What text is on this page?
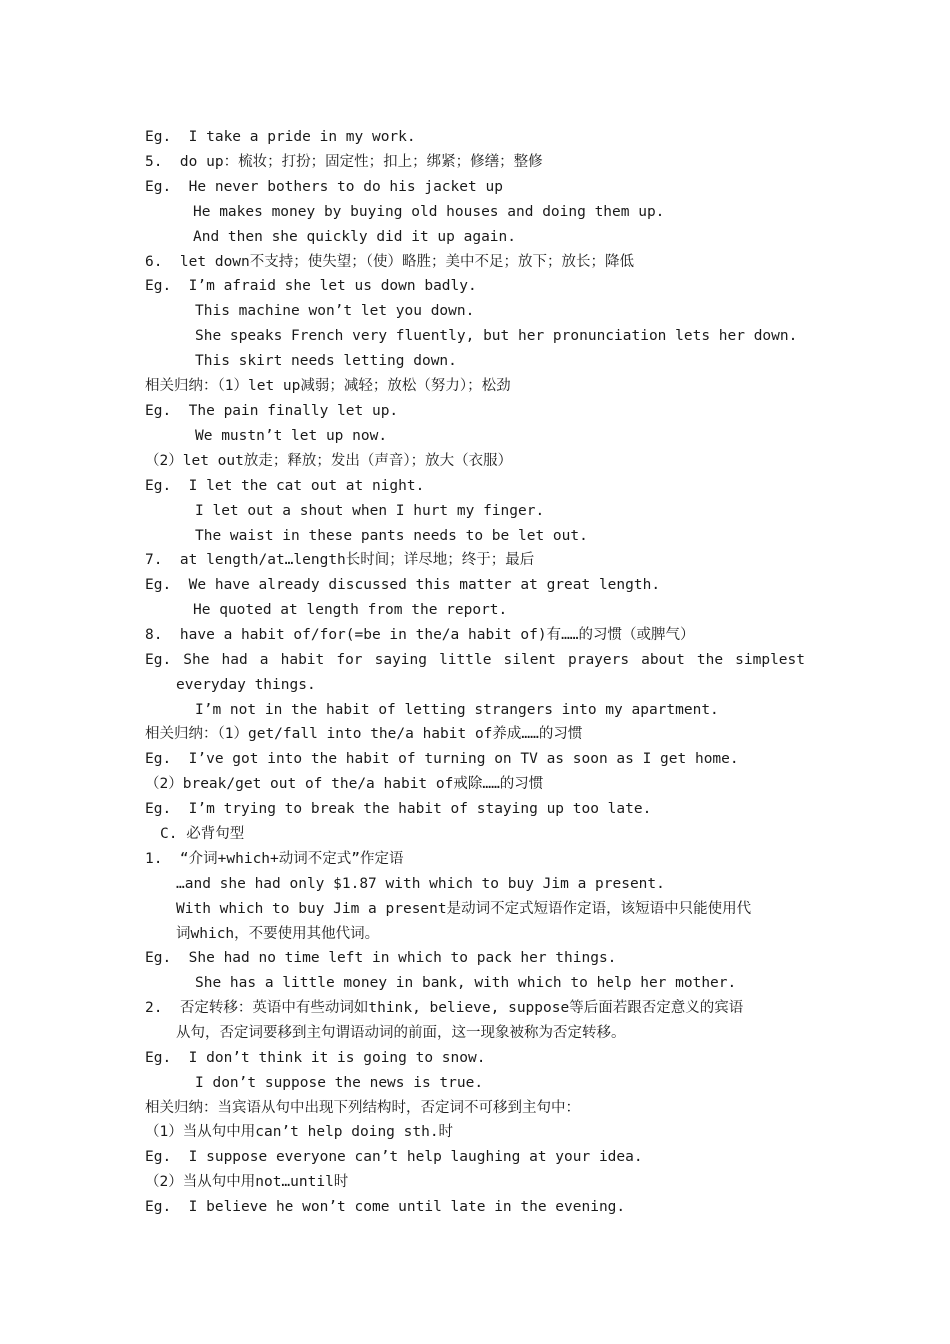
Eg.  I take a pride in my work.
5.  do up：梳妆；打扮；固定性；扣上；绑紧；修缮；整修
Eg.  He never bothers to do his jacket up
He makes money by buying old houses and doing them up.
And then she quickly did it up again.
6.  let down不支持；使失望；（使）略胜；美中不足；放下；放长；降低
Eg.  I’m afraid she let us down badly.
This machine won’t let you down.
She speaks French very fluently, but her pronunciation lets her down.
This skirt needs letting down.
相关归纳：（1）let up减弱；减轻；放松（努力）；松劲
Eg.  The pain finally let up.
We mustn’t let up now.
（2）let out放走；释放；发出（声音）；放大（衣服）
Eg.  I let the cat out at night.
I let out a shout when I hurt my finger.
The waist in these pants needs to be let out.
7.  at length/at…length长时间；详尽地；终于；最后
Eg.  We have already discussed this matter at great length.
He quoted at length from the report.
8.  have a habit of/for(=be in the/a habit of)有……的习惯（或脾气）
Eg. She had a habit for saying little silent prayers about the simplest
everyday things.
I’m not in the habit of letting strangers into my apartment.
相关归纳：（1）get/fall into the/a habit of养成……的习惯
Eg.  I’ve got into the habit of turning on TV as soon as I get home.
（2）break/get out of the/a habit of戒除……的习惯
Eg.  I’m trying to break the habit of staying up too late.
C. 必背句型
1.  “介词+which+动词不定式”作定语
…and she had only $1.87 with which to buy Jim a present.
With which to buy Jim a present是动词不定式短语作定语，该短语中只能使用代
词which，不要使用其他代词。
Eg.  She had no time left in which to pack her things.
She has a little money in bank, with which to help her mother.
2.  否定转移：英语中有些动词如think, believe, suppose等后面若跟否定意义的宾语
从句，否定词要移到主句谓语动词的前面，这一现象被称为否定转移。
Eg.  I don’t think it is going to snow.
I don’t suppose the news is true.
相关归纳：当宾语从句中出现下列结构时，否定词不可移到主句中：
（1）当从句中用can’t help doing sth.时
Eg.  I suppose everyone can’t help laughing at your idea.
（2）当从句中用not…until时
Eg.  I believe he won’t come until late in the evening.
